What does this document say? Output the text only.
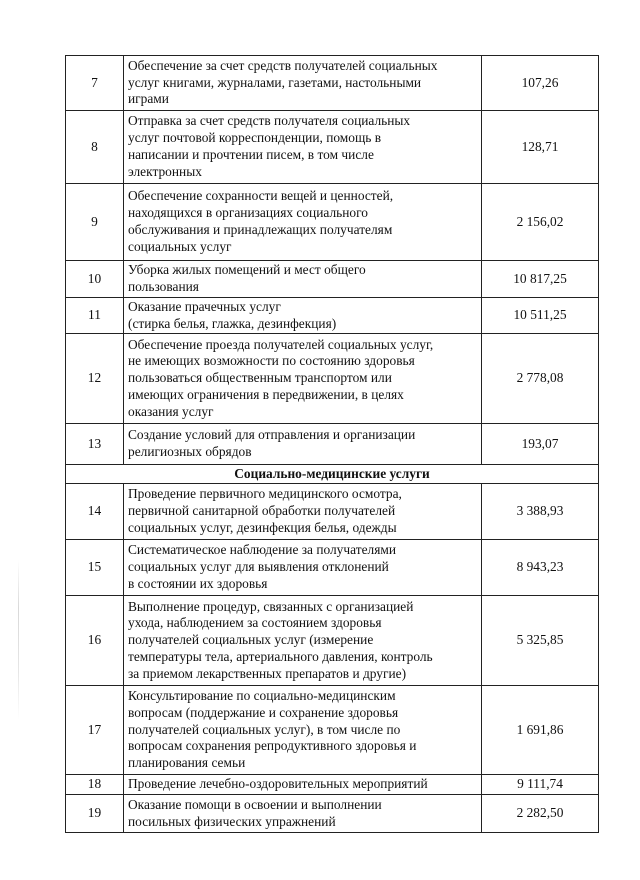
7	Обеспечение за счет средств получателей социальных
услуг книгами, журналами, газетами, настольными
играми	107,26
8	Отправка за счет средств получателя социальных
услуг почтовой корреспонденции, помощь в
написании и прочтении писем, в том числе
электронных	128,71
9	Обеспечение сохранности вещей и ценностей,
находящихся в организациях социального
обслуживания и принадлежащих получателям
социальных услуг	2 156,02
10	Уборка жилых помещений и мест общего
пользования	10 817,25
11	Оказание прачечных услуг
(стирка белья, глажка, дезинфекция)	10 511,25
12	Обеспечение проезда получателей социальных услуг,
не имеющих возможности по состоянию здоровья
пользоваться общественным транспортом или
имеющих ограничения в передвижении, в целях
оказания услуг	2 778,08
13	Создание условий для отправления и организации
религиозных обрядов	193,07
Социально-медицинские услуги		
14	Проведение первичного медицинского осмотра,
первичной санитарной обработки получателей
социальных услуг, дезинфекция белья, одежды	3 388,93
15	Систематическое наблюдение за получателями
социальных услуг для выявления отклонений
в состоянии их здоровья	8 943,23
16	Выполнение процедур, связанных с организацией
ухода, наблюдением за состоянием здоровья
получателей социальных услуг (измерение
температуры тела, артериального давления, контроль
за приемом лекарственных препаратов и другие)	5 325,85
17	Консультирование по социально-медицинским
вопросам (поддержание и сохранение здоровья
получателей социальных услуг), в том числе по
вопросам сохранения репродуктивного здоровья и
планирования семьи	1 691,86
18	Проведение лечебно-оздоровительных мероприятий	9 111,74
19	Оказание помощи в освоении и выполнении
посильных физических упражнений	2 282,50
